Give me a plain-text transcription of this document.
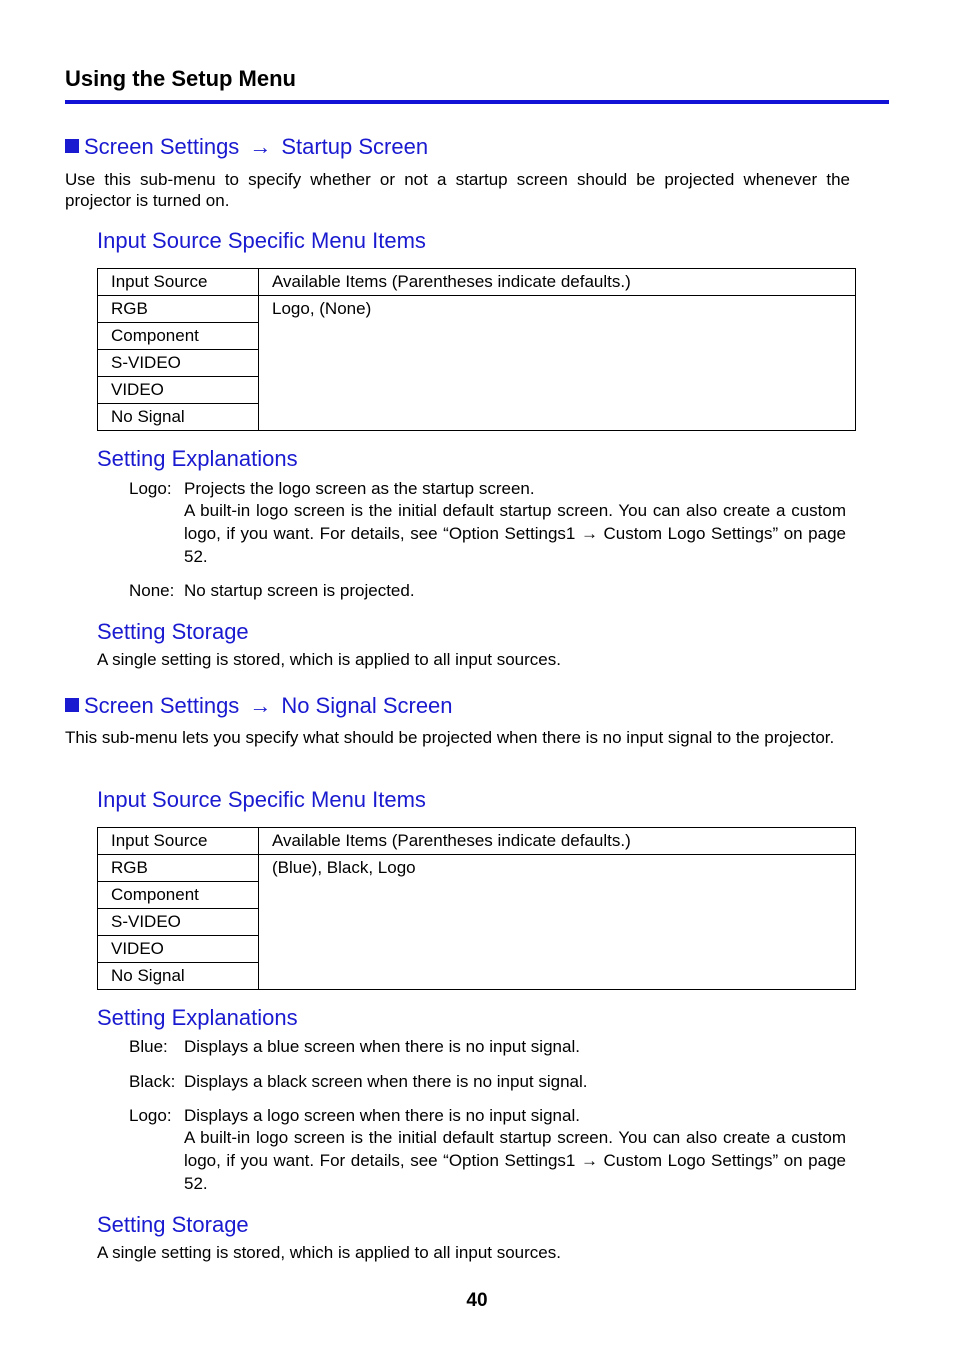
Using the Setup Menu
Screen Settings → Startup Screen
Use this sub-menu to specify whether or not a startup screen should be projected whenever the projector is turned on.
Input Source Specific Menu Items
Input Source	Available Items (Parentheses indicate defaults.)
RGB	Logo, (None)
Component	
S-VIDEO	
VIDEO	
No Signal	
Setting Explanations
Logo: Projects the logo screen as the startup screen.
A built-in logo screen is the initial default startup screen. You can also create a custom logo, if you want. For details, see “Option Settings1 → Custom Logo Settings” on page 52.
None: No startup screen is projected.
Setting Storage
A single setting is stored, which is applied to all input sources.
Screen Settings → No Signal Screen
This sub-menu lets you specify what should be projected when there is no input signal to the projector.
Input Source Specific Menu Items
Input Source	Available Items (Parentheses indicate defaults.)
RGB	(Blue), Black, Logo
Component	
S-VIDEO	
VIDEO	
No Signal	
Setting Explanations
Blue: Displays a blue screen when there is no input signal.
Black: Displays a black screen when there is no input signal.
Logo: Displays a logo screen when there is no input signal.
A built-in logo screen is the initial default startup screen. You can also create a custom logo, if you want. For details, see “Option Settings1 → Custom Logo Settings” on page 52.
Setting Storage
A single setting is stored, which is applied to all input sources.
40
